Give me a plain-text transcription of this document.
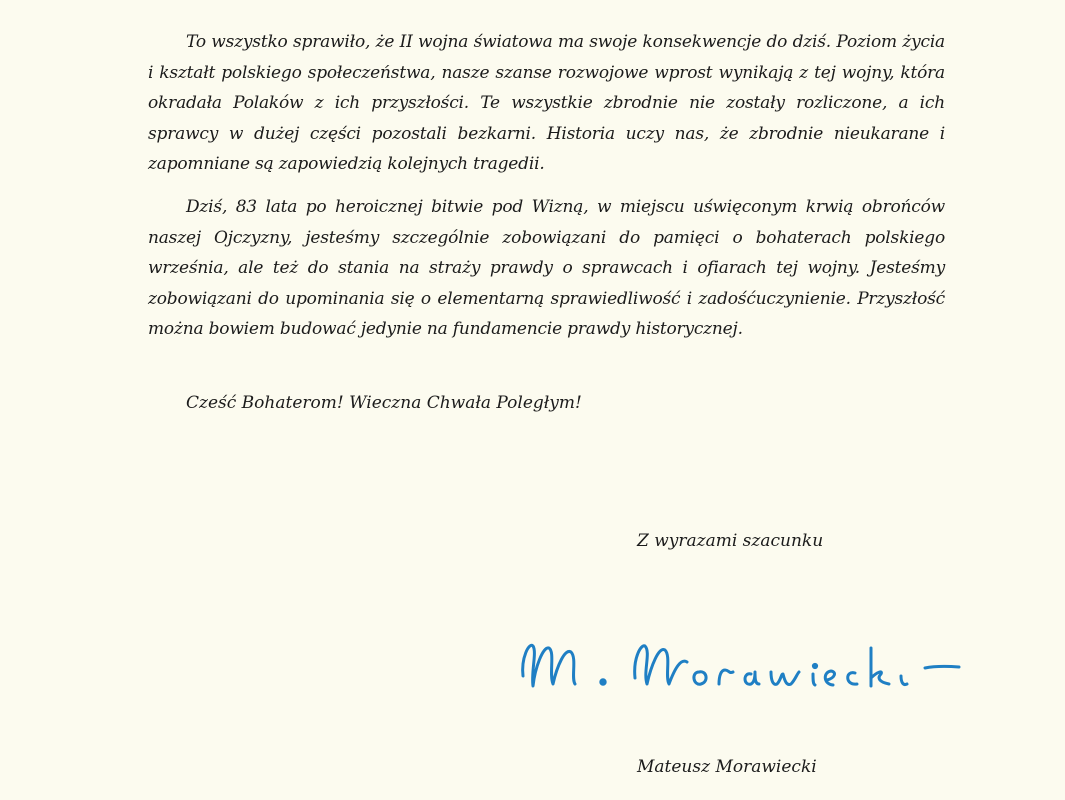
To wszystko sprawiło, że II wojna światowa ma swoje konsekwencje do dziś. Poziom życia i kształt polskiego społeczeństwa, nasze szanse rozwojowe wprost wynikają z tej wojny, która okradała Polaków z ich przyszłości. Te wszystkie zbrodnie nie zostały rozliczone, a ich sprawcy w dużej części pozostali bezkarni. Historia uczy nas, że zbrodnie nieukarane i zapomniane są zapowiedzią kolejnych tragedii.

Dziś, 83 lata po heroicznej bitwie pod Wizną, w miejscu uświęconym krwią obrońców naszej Ojczyzny, jesteśmy szczególnie zobowiązani do pamięci o bohaterach polskiego września, ale też do stania na straży prawdy o sprawcach i ofiarach tej wojny. Jesteśmy zobowiązani do upominania się o elementarną sprawiedliwość i zadośćuczynienie. Przyszłość można bowiem budować jedynie na fundamencie prawdy historycznej.

Cześć Bohaterom! Wieczna Chwała Poległym!

Z wyrazami szacunku

Mateusz Morawiecki
